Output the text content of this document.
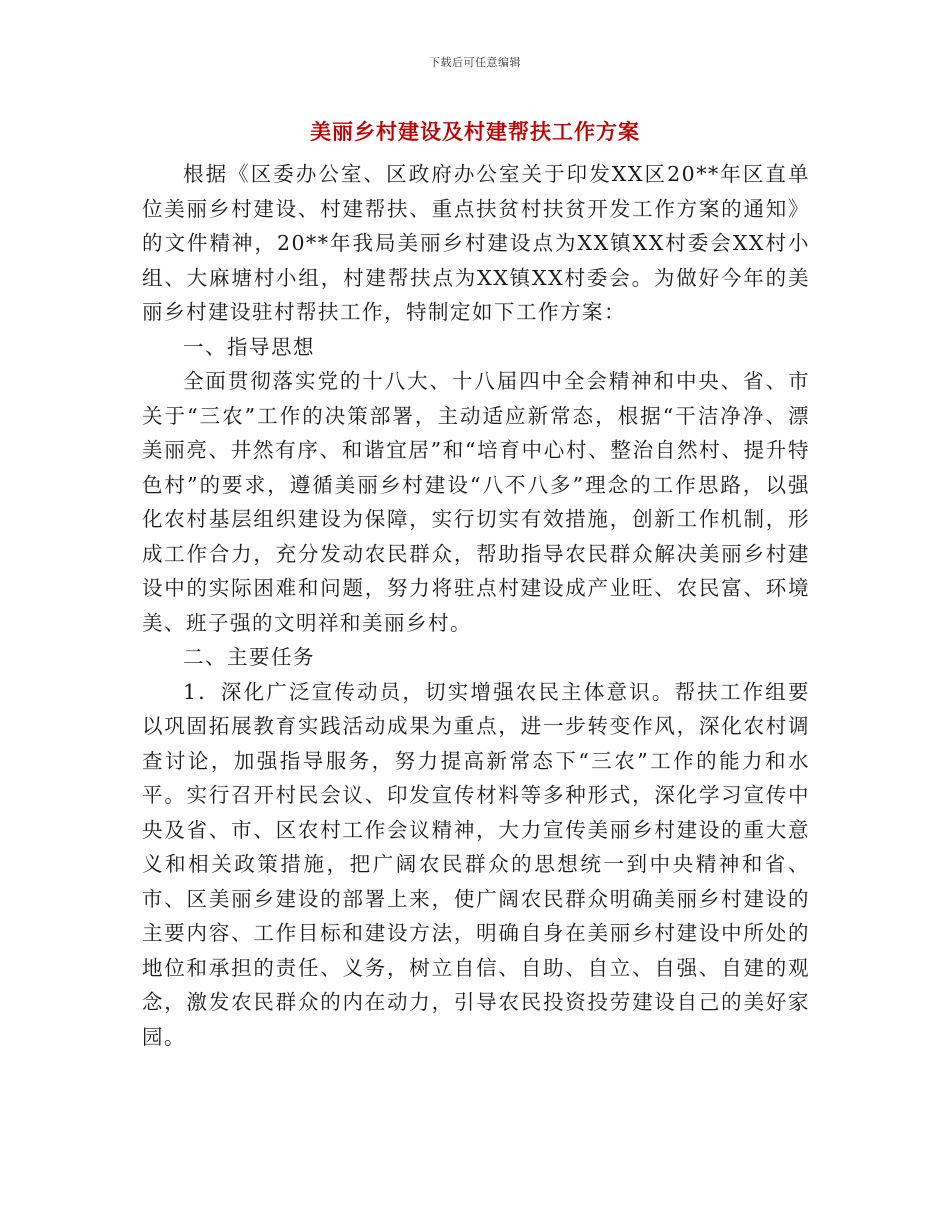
下载后可任意编辑
美丽乡村建设及村建帮扶工作方案

根据《区委办公室、区政府办公室关于印发XX区20**年区直单位美丽乡村建设、村建帮扶、重点扶贫村扶贫开发工作方案的通知》的文件精神，20**年我局美丽乡村建设点为XX镇XX村委会XX村小组、大麻塘村小组，村建帮扶点为XX镇XX村委会。为做好今年的美丽乡村建设驻村帮扶工作，特制定如下工作方案：

一、指导思想

全面贯彻落实党的十八大、十八届四中全会精神和中央、省、市关于“三农”工作的决策部署，主动适应新常态，根据“干洁净净、漂美丽亮、井然有序、和谐宜居”和“培育中心村、整治自然村、提升特色村”的要求，遵循美丽乡村建设“八不八多”理念的工作思路，以强化农村基层组织建设为保障，实行切实有效措施，创新工作机制，形成工作合力，充分发动农民群众，帮助指导农民群众解决美丽乡村建设中的实际困难和问题，努力将驻点村建设成产业旺、农民富、环境美、班子强的文明祥和美丽乡村。

二、主要任务

1．深化广泛宣传动员，切实增强农民主体意识。帮扶工作组要以巩固拓展教育实践活动成果为重点，进一步转变作风，深化农村调查讨论，加强指导服务，努力提高新常态下“三农”工作的能力和水平。实行召开村民会议、印发宣传材料等多种形式，深化学习宣传中央及省、市、区农村工作会议精神，大力宣传美丽乡村建设的重大意义和相关政策措施，把广阔农民群众的思想统一到中央精神和省、市、区美丽乡建设的部署上来，使广阔农民群众明确美丽乡村建设的主要内容、工作目标和建设方法，明确自身在美丽乡村建设中所处的地位和承担的责任、义务，树立自信、自助、自立、自强、自建的观念，激发农民群众的内在动力，引导农民投资投劳建设自己的美好家园。
